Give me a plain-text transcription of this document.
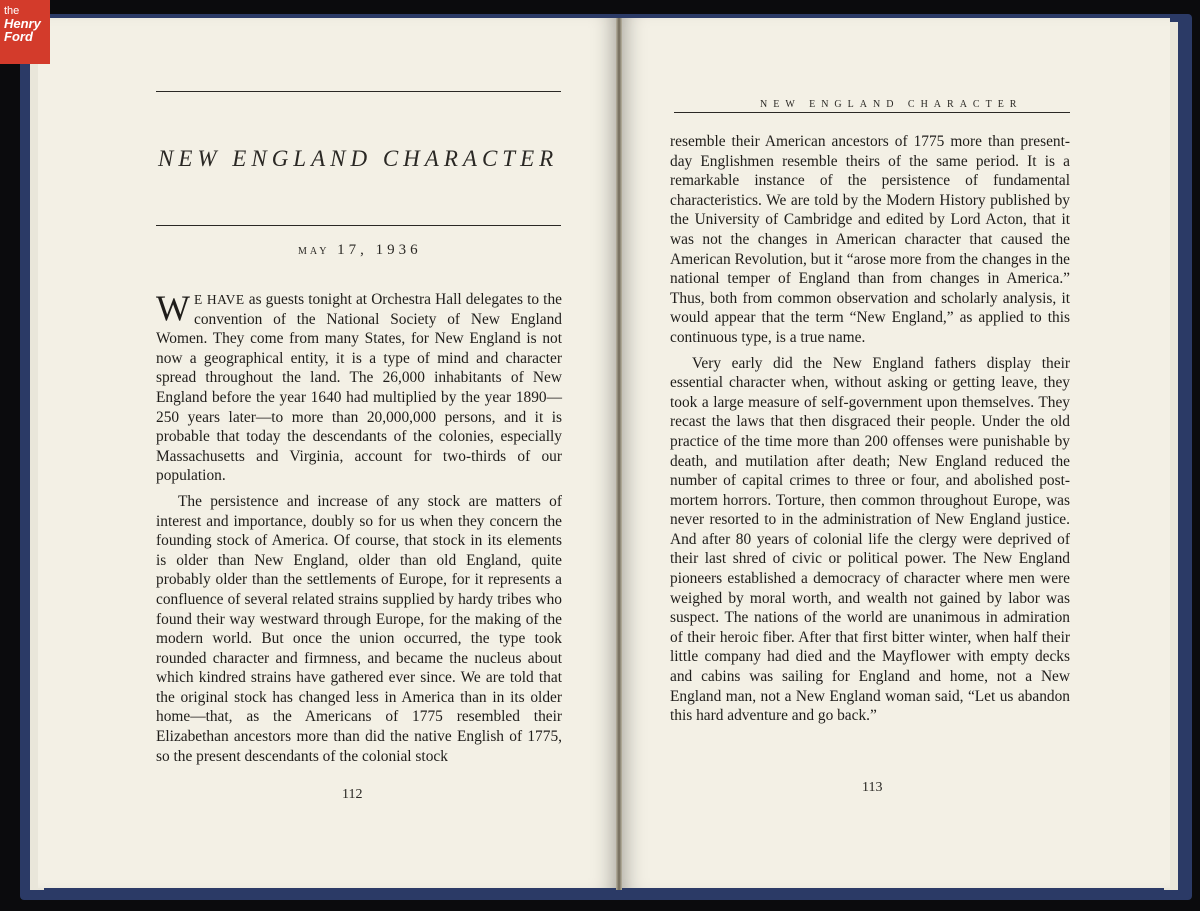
NEW ENGLAND CHARACTER
MAY 17, 1936

W E HAVE as guests tonight at Orchestra Hall delegates to the convention of the National Society of New England Women. They come from many States, for New England is not now a geographical entity, it is a type of mind and character spread throughout the land. The 26,000 inhabitants of New England before the year 1640 had multiplied by the year 1890—250 years later—to more than 20,000,000 persons, and it is probable that today the descendants of the colonies, especially Massachusetts and Virginia, account for two-thirds of our population.

The persistence and increase of any stock are matters of interest and importance, doubly so for us when they concern the founding stock of America. Of course, that stock in its elements is older than New England, older than old England, quite probably older than the settlements of Europe, for it represents a confluence of several related strains supplied by hardy tribes who found their way westward through Europe, for the making of the modern world. But once the union occurred, the type took rounded character and firmness, and became the nucleus about which kindred strains have gathered ever since. We are told that the original stock has changed less in America than in its older home—that, as the Americans of 1775 resembled their Elizabethan ancestors more than did the native English of 1775, so the present descendants of the colonial stock

112
NEW ENGLAND CHARACTER

resemble their American ancestors of 1775 more than present-day Englishmen resemble theirs of the same period. It is a remarkable instance of the persistence of fundamental characteristics. We are told by the Modern History published by the University of Cambridge and edited by Lord Acton, that it was not the changes in American character that caused the American Revolution, but it “arose more from the changes in the national temper of England than from changes in America.” Thus, both from common observation and scholarly analysis, it would appear that the term “New England,” as applied to this continuous type, is a true name.

Very early did the New England fathers display their essential character when, without asking or getting leave, they took a large measure of self-government upon themselves. They recast the laws that then disgraced their people. Under the old practice of the time more than 200 offenses were punishable by death, and mutilation after death; New England reduced the number of capital crimes to three or four, and abolished post-mortem horrors. Torture, then common throughout Europe, was never resorted to in the administration of New England justice. And after 80 years of colonial life the clergy were deprived of their last shred of civic or political power. The New England pioneers established a democracy of character where men were weighed by moral worth, and wealth not gained by labor was suspect. The nations of the world are unanimous in admiration of their heroic fiber. After that first bitter winter, when half their little company had died and the Mayflower with empty decks and cabins was sailing for England and home, not a New England man, not a New England woman said, “Let us abandon this hard adventure and go back.”

113
the
Henry
Ford
